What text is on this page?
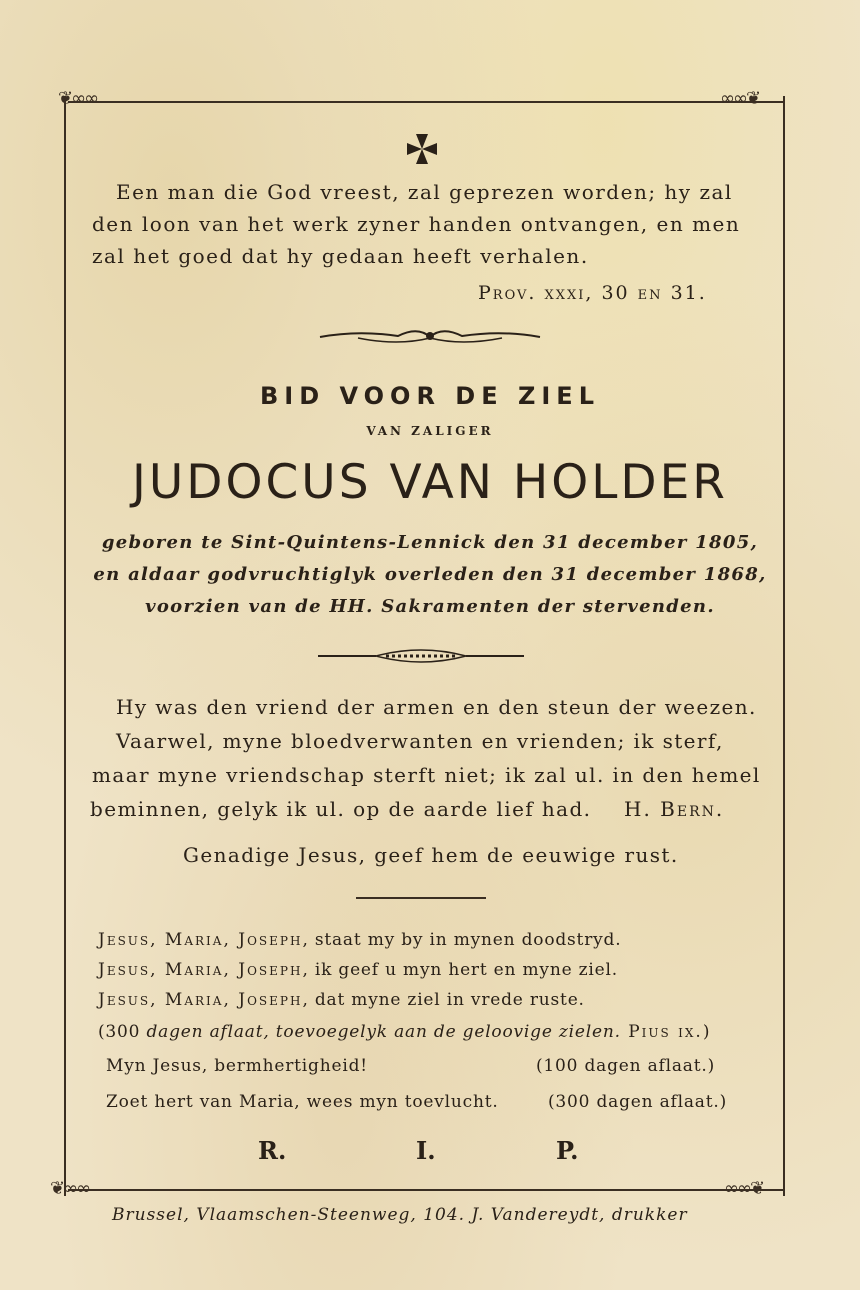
❦∞∞	∞∞❦
❦∞∞	∞∞❦
Een man die God vreest, zal geprezen worden; hy zal
den loon van het werk zyner handen ontvangen, en men
zal het goed dat hy gedaan heeft verhalen.
Prov. xxxi, 30 en 31.
BID VOOR DE ZIEL
VAN ZALIGER
JUDOCUS VAN HOLDER
geboren te Sint-Quintens-Lennick den 31 december 1805,
en aldaar godvruchtiglyk overleden den 31 december 1868,
voorzien van de HH. Sakramenten der stervenden.
Hy was den vriend der armen en den steun der weezen.
Vaarwel, myne bloedverwanten en vrienden; ik sterf,
maar myne vriendschap sterft niet; ik zal ul. in den hemel
beminnen, gelyk ik ul. op de aarde lief had. H. Bern.
Genadige Jesus, geef hem de eeuwige rust.
Jesus, Maria, Joseph, staat my by in mynen doodstryd.
Jesus, Maria, Joseph, ik geef u myn hert en myne ziel.
Jesus, Maria, Joseph, dat myne ziel in vrede ruste.
(300 dagen aflaat, toevoegelyk aan de geloovige zielen. Pius ix.)
Myn Jesus, bermhertigheid!	(100 dagen aflaat.)
Zoet hert van Maria, wees myn toevlucht.	(300 dagen aflaat.)
R.	I.	P.
Brussel, Vlaamschen-Steenweg, 104. J. Vandereydt, drukker
